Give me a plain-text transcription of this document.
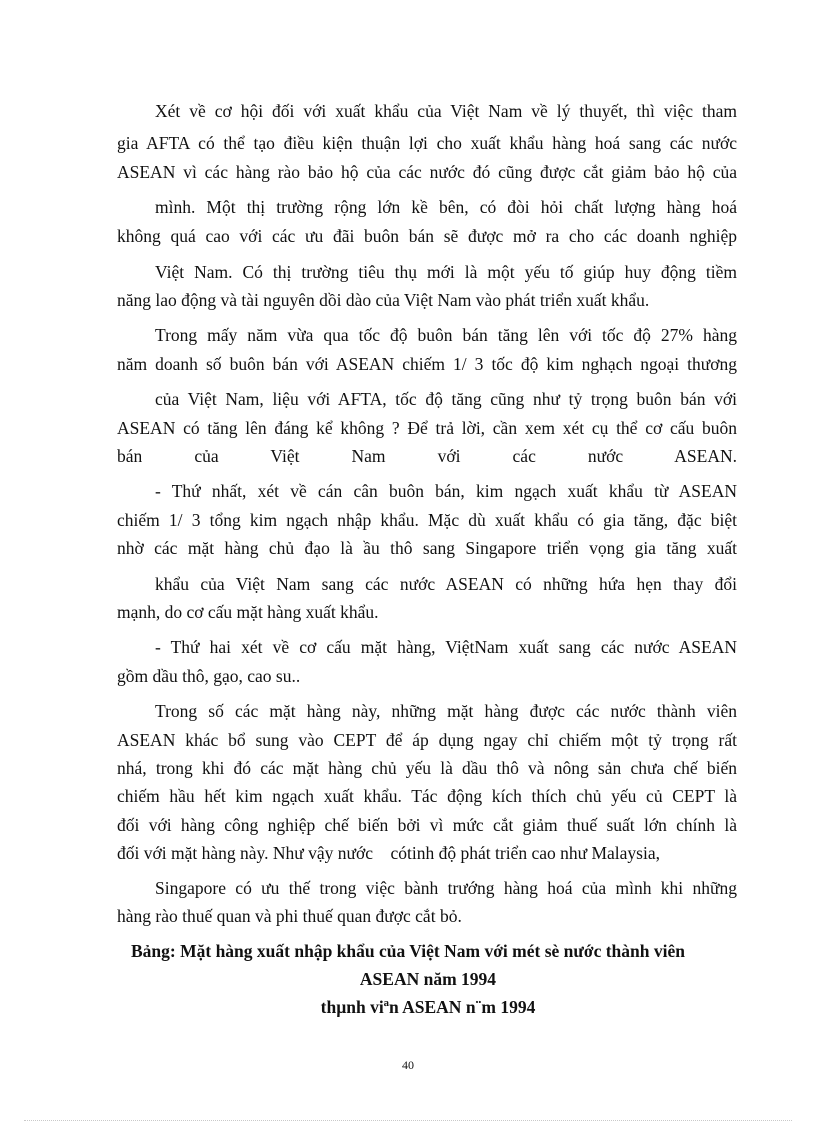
Xét về cơ hội đối với xuất khẩu của Việt Nam về lý thuyết, thì việc tham

gia AFTA có thể tạo điều kiện thuận lợi cho xuất khẩu hàng hoá sang các nước

ASEAN vì các hàng rào bảo hộ của các nước đó cũng được cắt giảm bảo hộ của

mình. Một thị trường rộng lớn kề bên, có đòi hỏi chất lượng hàng hoá

không quá cao với các ưu đãi buôn bán sẽ được mở ra cho các doanh nghiệp

Việt Nam. Có thị trường tiêu thụ mới là một yếu tố giúp huy động tiềm

năng lao động và tài nguyên dồi dào của Việt Nam vào phát triển xuất khẩu.

Trong mấy năm vừa qua tốc độ buôn bán tăng lên với tốc độ 27% hàng

năm doanh số buôn bán với ASEAN chiếm 1/ 3 tốc độ kim nghạch ngoại thương

của Việt Nam, liệu với AFTA, tốc độ tăng cũng như tỷ trọng buôn bán với

ASEAN có tăng lên đáng kể không ? Để trả lời, cần xem xét cụ thể cơ cấu buôn

bán của Việt Nam với các nước ASEAN.

- Thứ nhất, xét về cán cân buôn bán, kim ngạch xuất khẩu từ ASEAN

chiếm 1/ 3 tổng kim ngạch nhập khẩu. Mặc dù xuất khẩu có gia tăng, đặc biệt

nhờ các mặt hàng chủ đạo là ầu thô sang Singapore triển vọng gia tăng xuất

khẩu của Việt Nam sang các nước ASEAN có những hứa hẹn thay đổi

mạnh, do cơ cấu mặt hàng xuất khẩu.

- Thứ hai xét về cơ cấu mặt hàng, ViệtNam xuất sang các nước ASEAN

gồm dầu thô, gạo, cao su..

Trong số các mặt hàng này, những mặt hàng được các nước thành viên

ASEAN khác bổ sung vào CEPT để áp dụng ngay chỉ chiếm một tỷ trọng rất

nhá, trong khi đó các mặt hàng chủ yếu là dầu thô và nông sản chưa chế biến

chiếm hầu hết kim ngạch xuất khẩu. Tác động kích thích chủ yếu củ CEPT là

đối với hàng công nghiệp chế biến bởi vì mức cắt giảm thuế suất lớn chính là

đối với mặt hàng này. Như vậy nước    cótinh độ phát triển cao như Malaysia,

Singapore có ưu thế trong việc bành trướng hàng hoá của mình khi những

hàng rào thuế quan và phi thuế quan được cắt bỏ.

Bảng: Mặt hàng xuất nhập khẩu của Việt Nam với mét sè nước thành viên

ASEAN năm 1994

thµnh viªn ASEAN n¨m 1994

40
